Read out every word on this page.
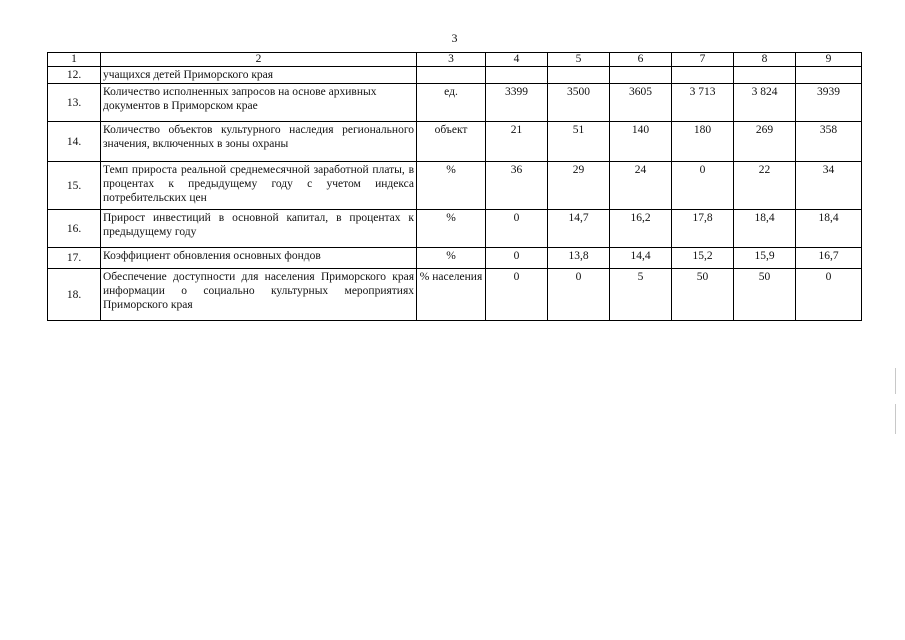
3
1	2	3	4	5	6	7	8	9
12.	учащихся детей Приморского края							
13.	Количество исполненных запросов на основе архивных документов в Приморском крае	ед.	3399	3500	3605	3 713	3 824	3939
14.	Количество объектов культурного наследия регионального значения, включенных в зоны охраны	объект	21	51	140	180	269	358
15.	Темп прироста реальной среднемесячной заработной платы, в процентах к предыдущему году с учетом индекса потребительских цен	%	36	29	24	0	22	34
16.	Прирост инвестиций в основной капитал, в процентах к предыдущему году	%	0	14,7	16,2	17,8	18,4	18,4
17.	Коэффициент обновления основных фондов	%	0	13,8	14,4	15,2	15,9	16,7
18.	Обеспечение доступности для населения Приморского края информации о социально культурных мероприятиях Приморского края	% населения	0	0	5	50	50	0
